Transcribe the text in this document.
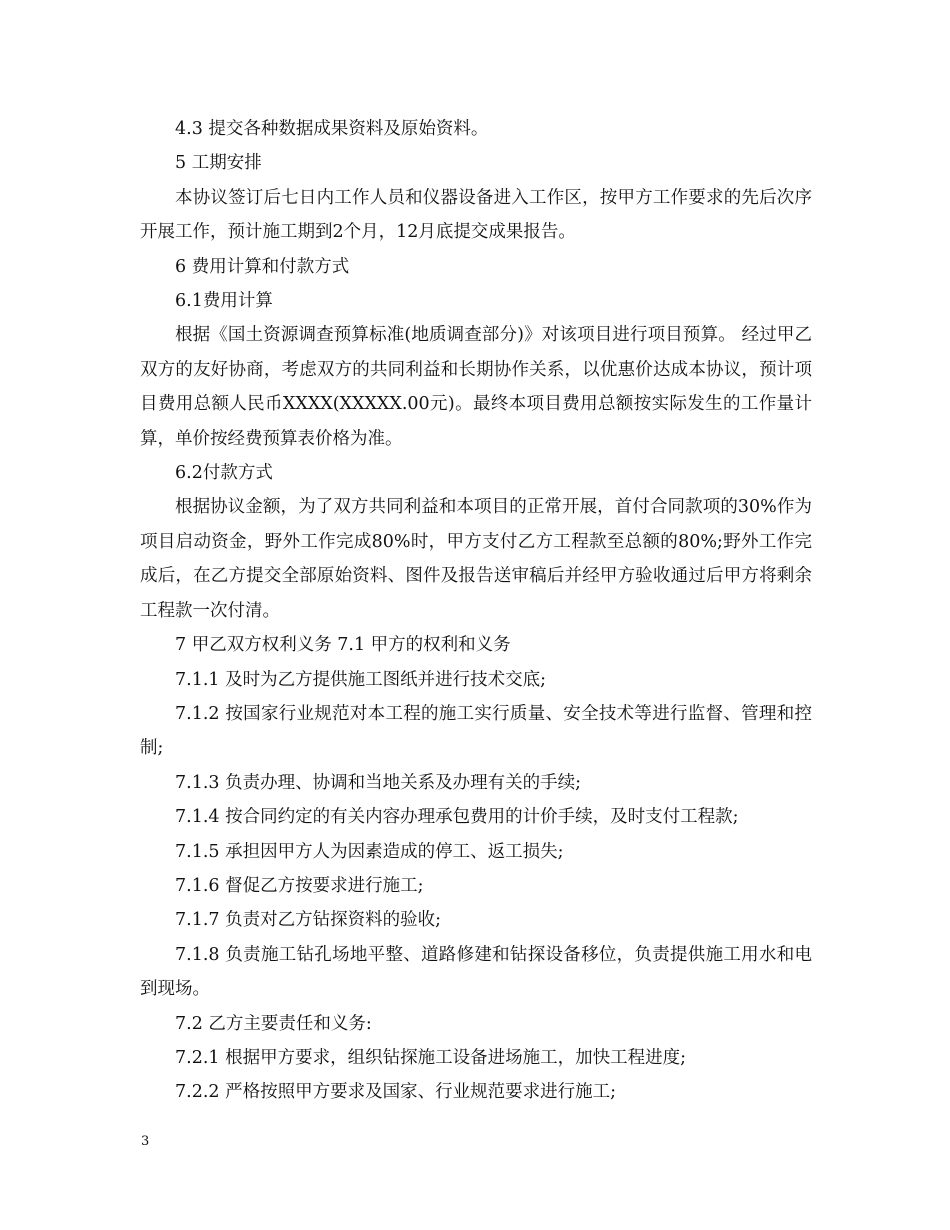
4.3 提交各种数据成果资料及原始资料。

5 工期安排

本协议签订后七日内工作人员和仪器设备进入工作区，按甲方工作要求的先后次序开展工作，预计施工期到2个月，12月底提交成果报告。

6 费用计算和付款方式

6.1费用计算

根据《国土资源调查预算标准(地质调查部分)》对该项目进行项目预算。 经过甲乙双方的友好协商，考虑双方的共同利益和长期协作关系，以优惠价达成本协议，预计项目费用总额人民币XXXX(XXXXX.00元)。最终本项目费用总额按实际发生的工作量计算，单价按经费预算表价格为准。

6.2付款方式

根据协议金额，为了双方共同利益和本项目的正常开展，首付合同款项的30%作为项目启动资金，野外工作完成80%时，甲方支付乙方工程款至总额的80%;野外工作完成后，在乙方提交全部原始资料、图件及报告送审稿后并经甲方验收通过后甲方将剩余工程款一次付清。

7 甲乙双方权利义务 7.1 甲方的权利和义务

7.1.1 及时为乙方提供施工图纸并进行技术交底;

7.1.2 按国家行业规范对本工程的施工实行质量、安全技术等进行监督、管理和控制;

7.1.3 负责办理、协调和当地关系及办理有关的手续;

7.1.4 按合同约定的有关内容办理承包费用的计价手续，及时支付工程款;

7.1.5 承担因甲方人为因素造成的停工、返工损失;

7.1.6 督促乙方按要求进行施工;

7.1.7 负责对乙方钻探资料的验收;

7.1.8 负责施工钻孔场地平整、道路修建和钻探设备移位，负责提供施工用水和电到现场。

7.2 乙方主要责任和义务:

7.2.1 根据甲方要求，组织钻探施工设备进场施工，加快工程进度;

7.2.2 严格按照甲方要求及国家、行业规范要求进行施工;

3
